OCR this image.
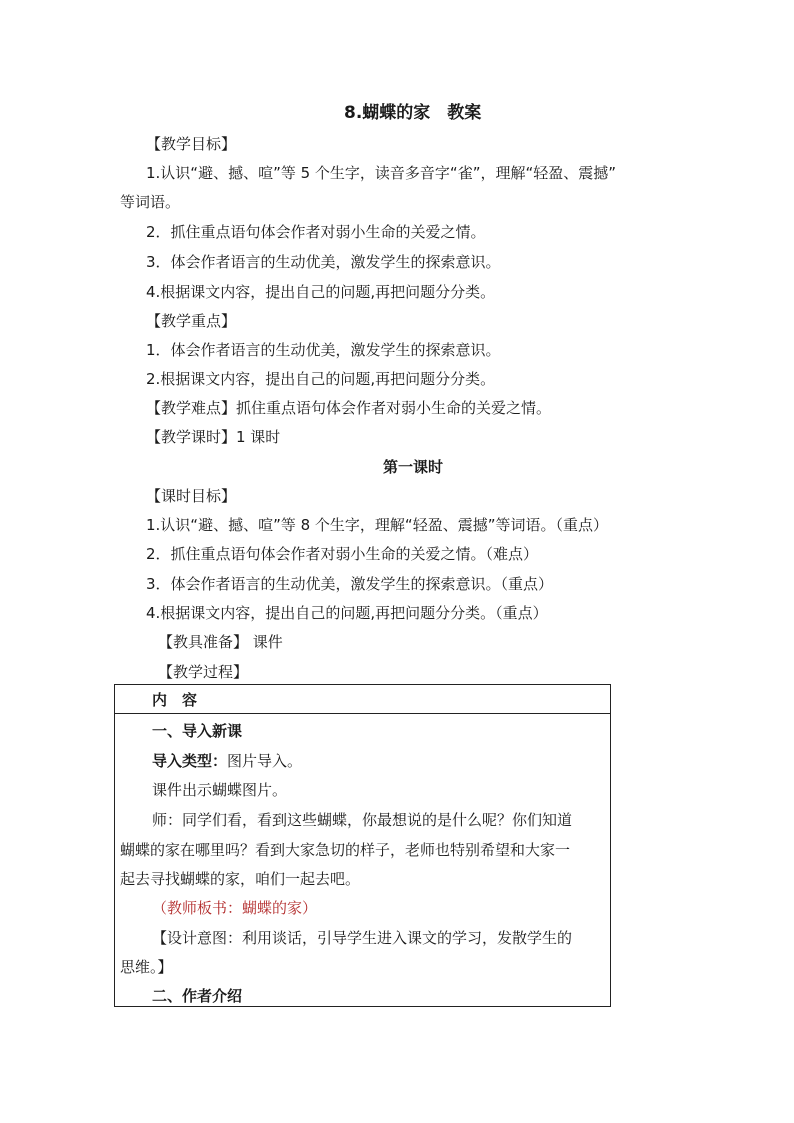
8.蝴蝶的家　教案
【教学目标】
1.认识“避、撼、喧”等 5 个生字，读音多音字“雀”，理解“轻盈、震撼”
等词语。
2．抓住重点语句体会作者对弱小生命的关爱之情。
3．体会作者语言的生动优美，激发学生的探索意识。
4.根据课文内容，提出自己的问题,再把问题分分类。
【教学重点】
1．体会作者语言的生动优美，激发学生的探索意识。
2.根据课文内容，提出自己的问题,再把问题分分类。
【教学难点】抓住重点语句体会作者对弱小生命的关爱之情。
【教学课时】1 课时
第一课时
【课时目标】
1.认识“避、撼、喧”等 8 个生字，理解“轻盈、震撼”等词语。（重点）
2．抓住重点语句体会作者对弱小生命的关爱之情。（难点）
3．体会作者语言的生动优美，激发学生的探索意识。（重点）
4.根据课文内容，提出自己的问题,再把问题分分类。（重点）
【教具准备】 课件
【教学过程】
内　容
一、导入新课
导入类型：图片导入。
课件出示蝴蝶图片。
师：同学们看，看到这些蝴蝶，你最想说的是什么呢？你们知道
蝴蝶的家在哪里吗？看到大家急切的样子，老师也特别希望和大家一
起去寻找蝴蝶的家，咱们一起去吧。
（教师板书：蝴蝶的家）
【设计意图：利用谈话，引导学生进入课文的学习，发散学生的
思维。】
二、作者介绍
